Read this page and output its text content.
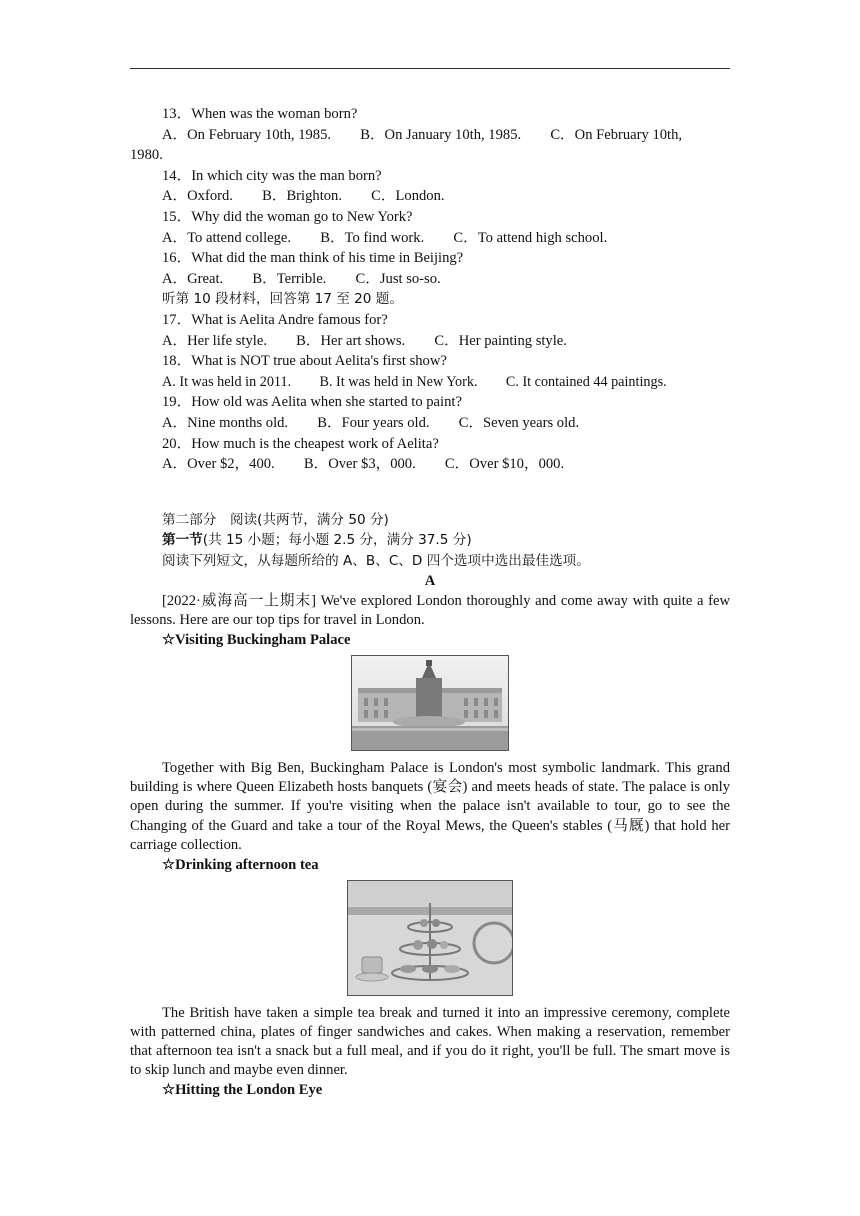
13．When was the woman born?
A．On February 10th, 1985.        B．On January 10th, 1985.        C．On February 10th,
1980.
14．In which city was the man born?
A．Oxford.        B．Brighton.        C．London.
15．Why did the woman go to New York?
A．To attend college.        B．To find work.        C．To attend high school.
16．What did the man think of his time in Beijing?
A．Great.        B．Terrible.        C．Just so-so.
听第 10 段材料，回答第 17 至 20 题。
17．What is Aelita Andre famous for?
A．Her life style.        B．Her art shows.        C．Her painting style.
18．What is NOT true about Aelita's first show?
A. It was held in 2011.        B. It was held in New York.        C. It contained 44 paintings.
19．How old was Aelita when she started to paint?
A．Nine months old.        B．Four years old.        C．Seven years old.
20．How much is the cheapest work of Aelita?
A．Over $2，400.        B．Over $3，000.        C．Over $10，000.
第二部分　阅读(共两节，满分 50 分)
第一节(共 15 小题；每小题 2.5 分，满分 37.5 分)
阅读下列短文，从每题所给的 A、B、C、D 四个选项中选出最佳选项。
A
[2022·威海高一上期末] We've explored London thoroughly and come away with quite a few lessons. Here are our top tips for travel in London.
☆Visiting Buckingham Palace
Together with Big Ben, Buckingham Palace is London's most symbolic landmark. This grand building is where Queen Elizabeth hosts banquets (宴会) and meets heads of state. The palace is only open during the summer. If you're visiting when the palace isn't available to tour, go to see the Changing of the Guard and take a tour of the Royal Mews, the Queen's stables (马厩) that hold her carriage collection.
☆Drinking afternoon tea
The British have taken a simple tea break and turned it into an impressive ceremony, complete with patterned china, plates of finger sandwiches and cakes. When making a reservation, remember that afternoon tea isn't a snack but a full meal, and if you do it right, you'll be full. The smart move is to skip lunch and maybe even dinner.
☆Hitting the London Eye
